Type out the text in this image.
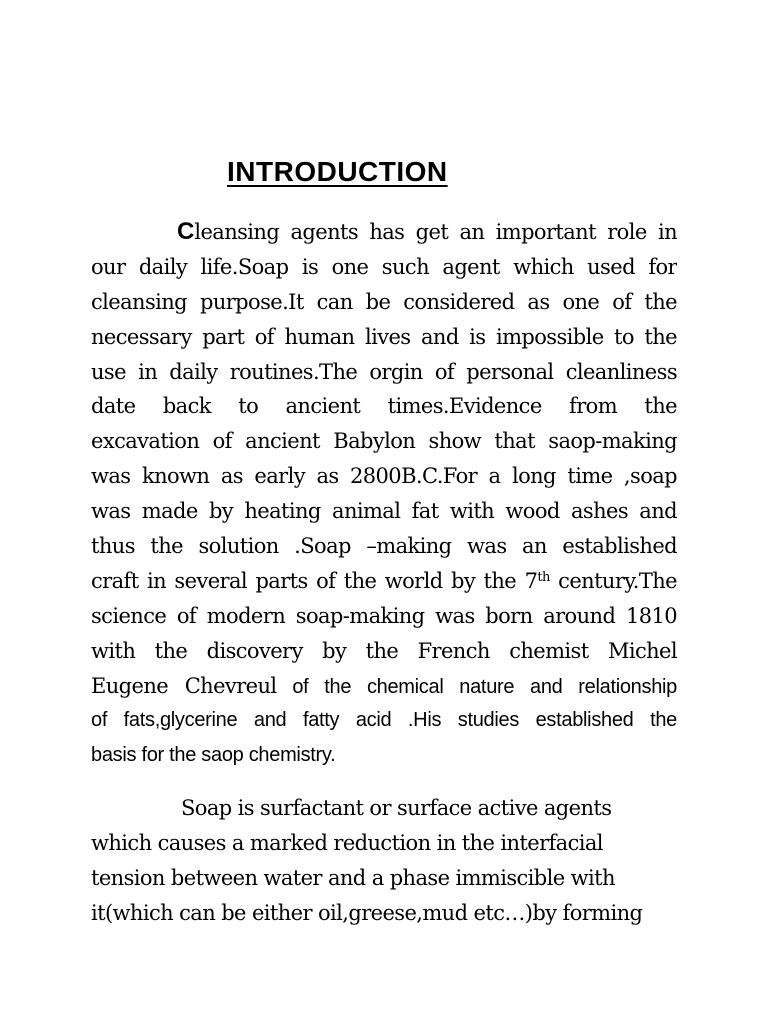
INTRODUCTION
Cleansing agents has get an important role in
our daily life.Soap is one such agent which used for
cleansing purpose.It can be considered as one of the
necessary part of human lives and is impossible to the
use in daily routines.The orgin of personal cleanliness
date back to ancient times.Evidence from the
excavation of ancient Babylon show that saop-making
was known as early as 2800B.C.For a long time ,soap
was made by heating animal fat with wood ashes and
thus the solution .Soap –making was an established
craft in several parts of the world by the 7th century.The
science of modern soap-making was born around 1810
with the discovery by the French chemist Michel
Eugene Chevreul of the chemical nature and relationship
of fats,glycerine and fatty acid .His studies established the
basis for the saop chemistry.
Soap is surfactant or surface active agents
which causes a marked reduction in the interfacial
tension between water and a phase immiscible with
it(which can be either oil,greese,mud etc…)by forming
